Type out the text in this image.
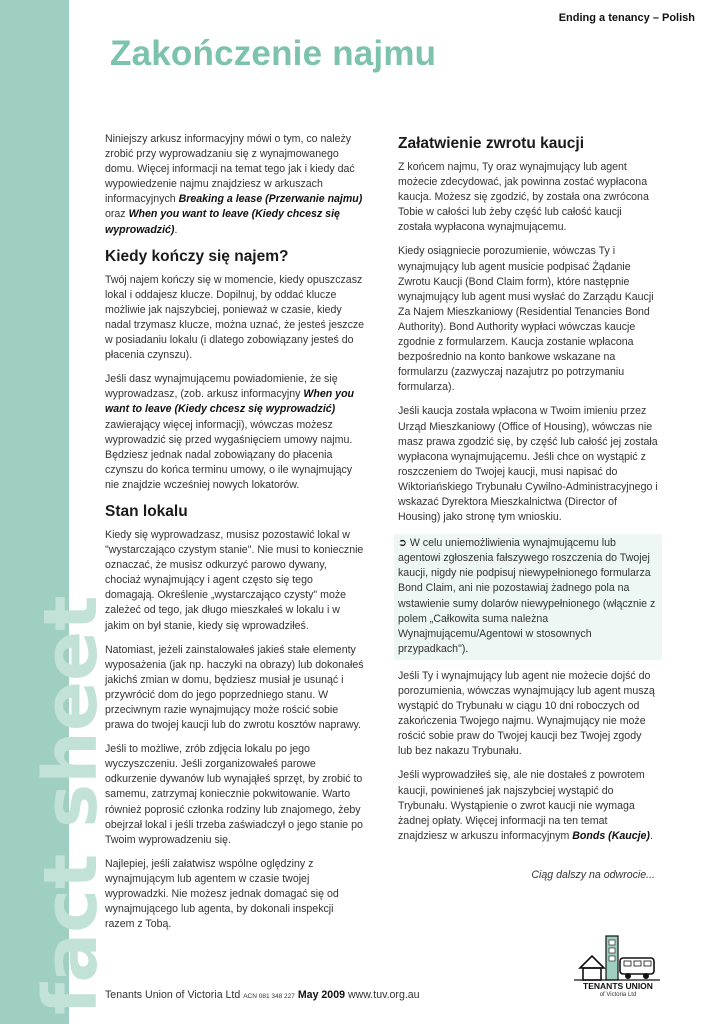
fact sheet
Ending a tenancy – Polish
Zakończenie najmu

Niniejszy arkusz informacyjny mówi o tym, co należy zrobić przy wyprowadzaniu się z wynajmowanego domu. Więcej informacji na temat tego jak i kiedy dać wypowiedzenie najmu znajdziesz w arkuszach informacyjnych Breaking a lease (Przerwanie najmu) oraz When you want to leave (Kiedy chcesz się wyprowadzić).

Kiedy kończy się najem?

Twój najem kończy się w momencie, kiedy opuszczasz lokal i oddajesz klucze. Dopilnuj, by oddać klucze możliwie jak najszybciej, ponieważ w czasie, kiedy nadal trzymasz klucze, można uznać, że jesteś jeszcze w posiadaniu lokalu (i dlatego zobowiązany jesteś do płacenia czynszu).

Jeśli dasz wynajmującemu powiadomienie, że się wyprowadzasz, (zob. arkusz informacyjny When you want to leave (Kiedy chcesz się wyprowadzić) zawierający więcej informacji), wówczas możesz wyprowadzić się przed wygaśnięciem umowy najmu. Będziesz jednak nadal zobowiązany do płacenia czynszu do końca terminu umowy, o ile wynajmujący nie znajdzie wcześniej nowych lokatorów.

Stan lokalu

Kiedy się wyprowadzasz, musisz pozostawić lokal w "wystarczająco czystym stanie". Nie musi to koniecznie oznaczać, że musisz odkurzyć parowo dywany, chociaż wynajmujący i agent często się tego domagają. Określenie „wystarczająco czysty" może zależeć od tego, jak długo mieszkałeś w lokalu i w jakim on był stanie, kiedy się wprowadziłeś.

Natomiast, jeżeli zainstalowałeś jakieś stałe elementy wyposażenia (jak np. haczyki na obrazy) lub dokonałeś jakichś zmian w domu, będziesz musiał je usunąć i przywrócić dom do jego poprzedniego stanu. W przeciwnym razie wynajmujący może rościć sobie prawa do twojej kaucji lub do zwrotu kosztów naprawy.

Jeśli to możliwe, zrób zdjęcia lokalu po jego wyczyszczeniu. Jeśli zorganizowałeś parowe odkurzenie dywanów lub wynająłeś sprzęt, by zrobić to samemu, zatrzymaj koniecznie pokwitowanie. Warto również poprosić członka rodziny lub znajomego, żeby obejrzał lokal i jeśli trzeba zaświadczył o jego stanie po Twoim wyprowadzeniu się.

Najlepiej, jeśli załatwisz wspólne oględziny z wynajmującym lub agentem w czasie twojej wyprowadzki. Nie możesz jednak domagać się od wynajmującego lub agenta, by dokonali inspekcji razem z Tobą.

Załatwienie zwrotu kaucji

Z końcem najmu, Ty oraz wynajmujący lub agent możecie zdecydować, jak powinna zostać wypłacona kaucja. Możesz się zgodzić, by została ona zwrócona Tobie w całości lub żeby część lub całość kaucji została wypłacona wynajmującemu.

Kiedy osiągniecie porozumienie, wówczas Ty i wynajmujący lub agent musicie podpisać Żądanie Zwrotu Kaucji (Bond Claim form), które następnie wynajmujący lub agent musi wysłać do Zarządu Kaucji Za Najem Mieszkaniowy (Residential Tenancies Bond Authority). Bond Authority wypłaci wówczas kaucje zgodnie z formularzem. Kaucja zostanie wpłacona bezpośrednio na konto bankowe wskazane na formularzu (zazwyczaj nazajutrz po potrzymaniu formularza).

Jeśli kaucja została wpłacona w Twoim imieniu przez Urząd Mieszkaniowy (Office of Housing), wówczas nie masz prawa zgodzić się, by część lub całość jej została wypłacona wynajmującemu. Jeśli chce on wystąpić z roszczeniem do Twojej kaucji, musi napisać do Wiktoriańskiego Trybunału Cywilno-Administracyjnego i wskazać Dyrektora Mieszkalnictwa (Director of Housing) jako stronę tym wnioskiu.

➲ W celu uniemożliwienia wynajmującemu lub agentowi zgłoszenia fałszywego roszczenia do Twojej kaucji, nigdy nie podpisuj niewypełnionego formularza Bond Claim, ani nie pozostawiaj żadnego pola na wstawienie sumy dolarów niewypełnionego (włącznie z polem „Całkowita suma należna Wynajmującemu/Agentowi w stosownych przypadkach").

Jeśli Ty i wynajmujący lub agent nie możecie dojść do porozumienia, wówczas wynajmujący lub agent muszą wystąpić do Trybunału w ciągu 10 dni roboczych od zakończenia Twojego najmu. Wynajmujący nie może rościć sobie praw do Twojej kaucji bez Twojej zgody lub bez nakazu Trybunału.

Jeśli wyprowadziłeś się, ale nie dostałeś z powrotem kaucji, powinieneś jak najszybciej wystąpić do Trybunału. Wystąpienie o zwrot kaucji nie wymaga żadnej opłaty. Więcej informacji na ten temat znajdziesz w arkuszu informacyjnym Bonds (Kaucje).

Ciąg dalszy na odwrocie...
Tenants Union of Victoria Ltd ACN 081 348 227 May 2009 www.tuv.org.au
TENANTS UNION
of Victoria Ltd
